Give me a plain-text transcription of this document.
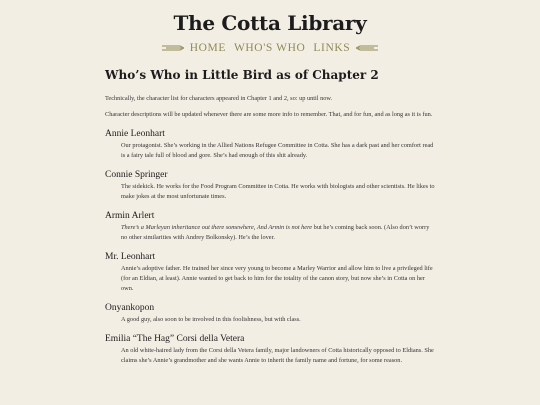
The Cotta Library
HOME WHO'S WHO LINKS
Who’s Who in Little Bird as of Chapter 2

Technically, the character list for characters appeared in Chapter 1 and 2, so: up until now.

Character descriptions will be updated whenever there are some more info to remember. That, and for fun, and as long as it is fun.

Annie Leonhart

Our protagonist. She’s working in the Allied Nations Refugee Committee in Cotta. She has a dark past and her comfort read is a fairy tale full of blood and gore. She’s had enough of this shit already.

Connie Springer

The sidekick. He works for the Food Program Committee in Cotta. He works with biologists and other scientists. He likes to make jokes at the most unfortunate times.

Armin Arlert

There’s a Marleyan inheritance out there somewhere, And Armin is not here but he’s coming back soon. (Also don’t worry no other similarities with Andrey Bolkonsky). He’s the lover.

Mr. Leonhart

Annie’s adoptive father. He trained her since very young to become a Marley Warrior and allow him to live a privileged life (for an Eldian, at least). Annie wanted to get back to him for the totality of the canon story, but now she’s in Cotta on her own.

Onyankopon

A good guy, also soon to be involved in this foolishness, but with class.

Emilia “The Hag” Corsi della Vetera

An old white-haired lady from the Corsi della Vetera family, major landowners of Cotta historically opposed to Eldians. She claims she’s Annie’s grandmother and she wants Annie to inherit the family name and fortune, for some reason.
